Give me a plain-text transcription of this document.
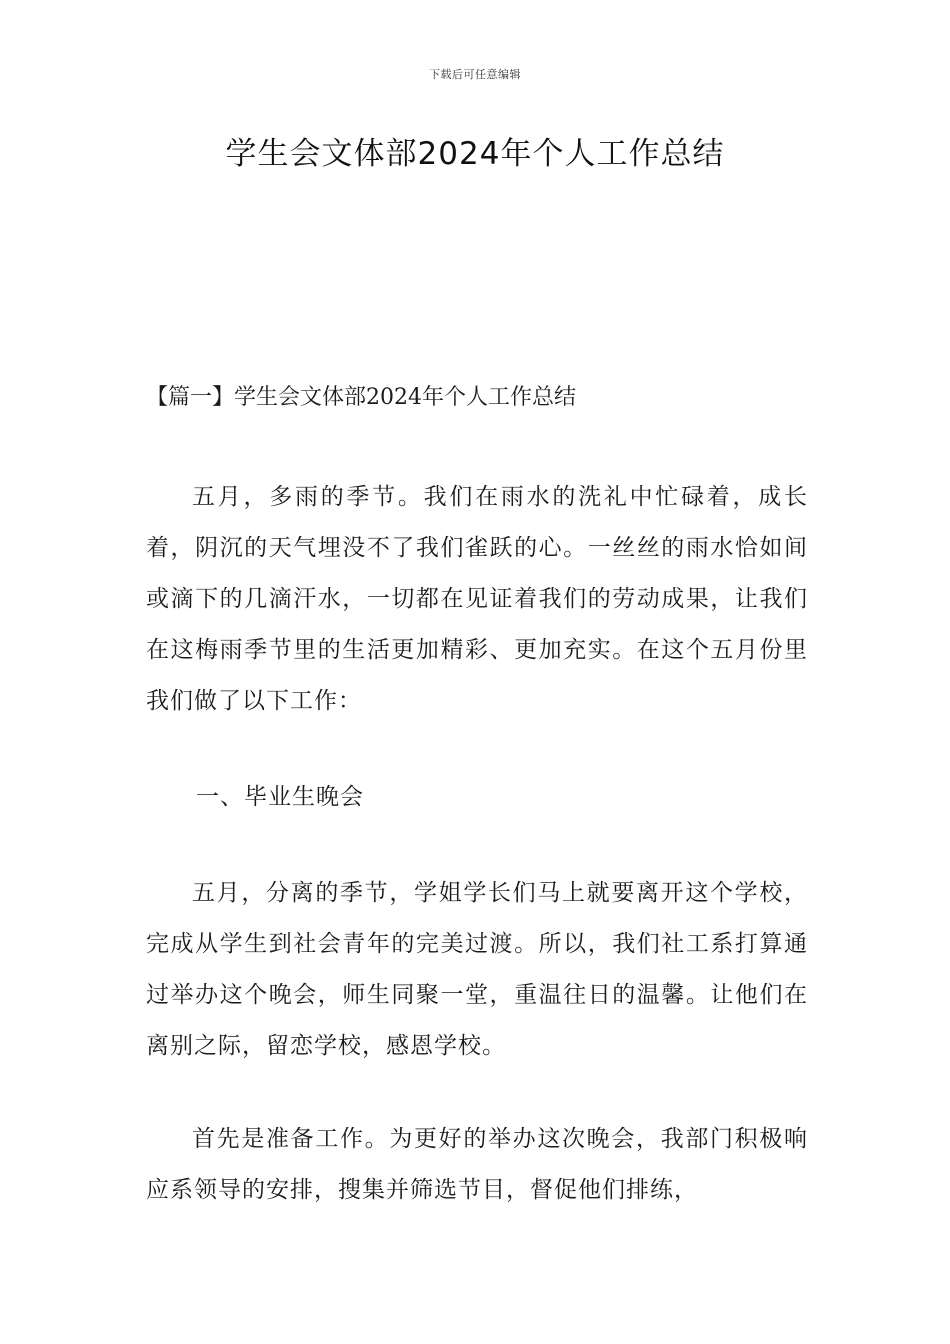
下载后可任意编辑
学生会文体部2024年个人工作总结
【篇一】学生会文体部2024年个人工作总结

五月，多雨的季节。我们在雨水的洗礼中忙碌着，成长着，阴沉的天气埋没不了我们雀跃的心。一丝丝的雨水恰如间或滴下的几滴汗水，一切都在见证着我们的劳动成果，让我们在这梅雨季节里的生活更加精彩、更加充实。在这个五月份里我们做了以下工作：

一、毕业生晚会

五月，分离的季节，学姐学长们马上就要离开这个学校，完成从学生到社会青年的完美过渡。所以，我们社工系打算通过举办这个晚会，师生同聚一堂，重温往日的温馨。让他们在离别之际，留恋学校，感恩学校。

首先是准备工作。为更好的举办这次晚会，我部门积极响应系领导的安排，搜集并筛选节目，督促他们排练，
